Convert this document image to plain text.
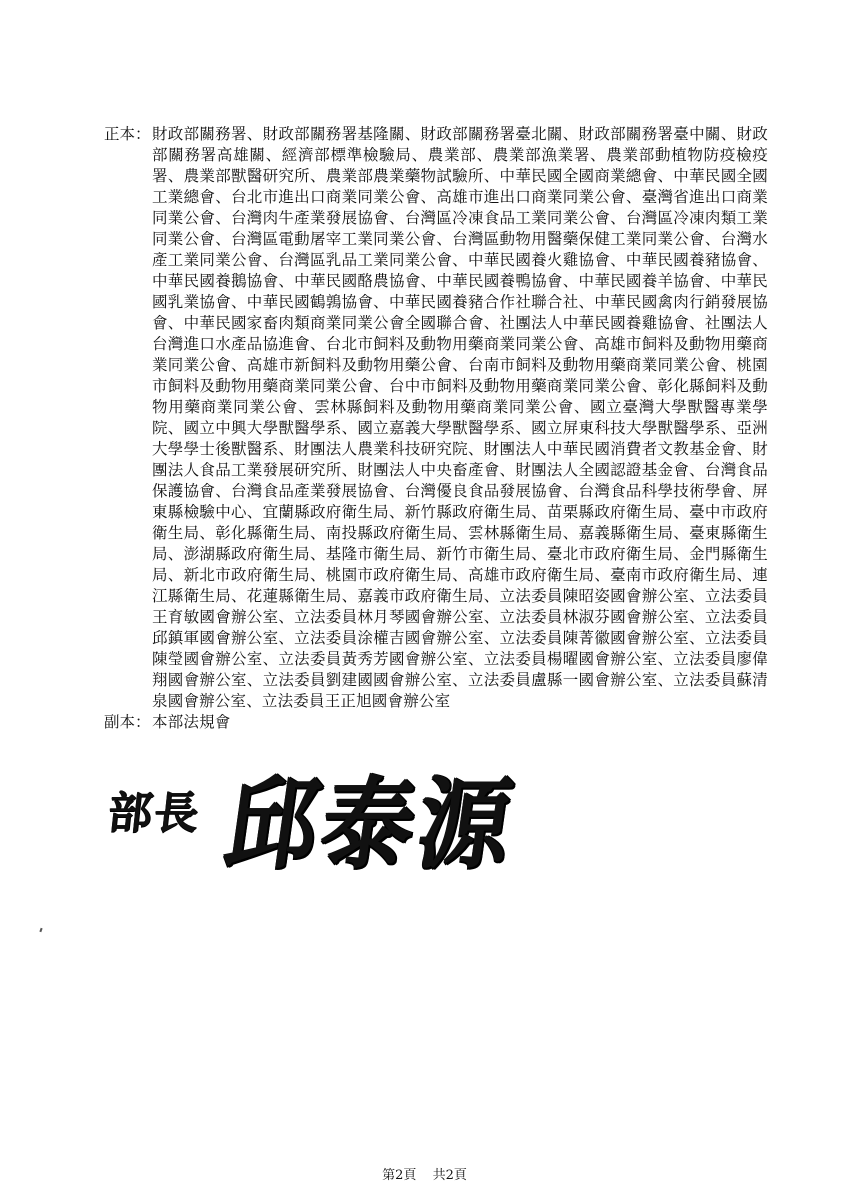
正本： 財政部關務署、財政部關務署基隆關、財政部關務署臺北關、財政部關務署臺中關、財政部關務署高雄關、經濟部標準檢驗局、農業部、農業部漁業署、農業部動植物防疫檢疫署、農業部獸醫研究所、農業部農業藥物試驗所、中華民國全國商業總會、中華民國全國工業總會、台北市進出口商業同業公會、高雄市進出口商業同業公會、臺灣省進出口商業同業公會、台灣肉牛產業發展協會、台灣區冷凍食品工業同業公會、台灣區冷凍肉類工業同業公會、台灣區電動屠宰工業同業公會、台灣區動物用醫藥保健工業同業公會、台灣水產工業同業公會、台灣區乳品工業同業公會、中華民國養火雞協會、中華民國養豬協會、中華民國養鵝協會、中華民國酪農協會、中華民國養鴨協會、中華民國養羊協會、中華民國乳業協會、中華民國鶴鶉協會、中華民國養豬合作社聯合社、中華民國禽肉行銷發展協會、中華民國家畜肉類商業同業公會全國聯合會、社團法人中華民國養雞協會、社團法人台灣進口水產品協進會、台北市飼料及動物用藥商業同業公會、高雄市飼料及動物用藥商業同業公會、高雄市新飼料及動物用藥公會、台南市飼料及動物用藥商業同業公會、桃園市飼料及動物用藥商業同業公會、台中市飼料及動物用藥商業同業公會、彰化縣飼料及動物用藥商業同業公會、雲林縣飼料及動物用藥商業同業公會、國立臺灣大學獸醫專業學院、國立中興大學獸醫學系、國立嘉義大學獸醫學系、國立屏東科技大學獸醫學系、亞洲大學學士後獸醫系、財團法人農業科技研究院、財團法人中華民國消費者文教基金會、財團法人食品工業發展研究所、財團法人中央畜產會、財團法人全國認證基金會、台灣食品保護協會、台灣食品產業發展協會、台灣優良食品發展協會、台灣食品科學技術學會、屏東縣檢驗中心、宜蘭縣政府衛生局、新竹縣政府衛生局、苗栗縣政府衛生局、臺中市政府衛生局、彰化縣衛生局、南投縣政府衛生局、雲林縣衛生局、嘉義縣衛生局、臺東縣衛生局、澎湖縣政府衛生局、基隆市衛生局、新竹市衛生局、臺北市政府衛生局、金門縣衛生局、新北市政府衛生局、桃園市政府衛生局、高雄市政府衛生局、臺南市政府衛生局、連江縣衛生局、花蓮縣衛生局、嘉義市政府衛生局、立法委員陳昭姿國會辦公室、立法委員王育敏國會辦公室、立法委員林月琴國會辦公室、立法委員林淑芬國會辦公室、立法委員邱鎮軍國會辦公室、立法委員涂權吉國會辦公室、立法委員陳菁徽國會辦公室、立法委員陳瑩國會辦公室、立法委員黃秀芳國會辦公室、立法委員楊曜國會辦公室、立法委員廖偉翔國會辦公室、立法委員劉建國國會辦公室、立法委員盧縣一國會辦公室、立法委員蘇清泉國會辦公室、立法委員王正旭國會辦公室
副本： 本部法規會
部長 邱泰源
第2頁 共2頁
